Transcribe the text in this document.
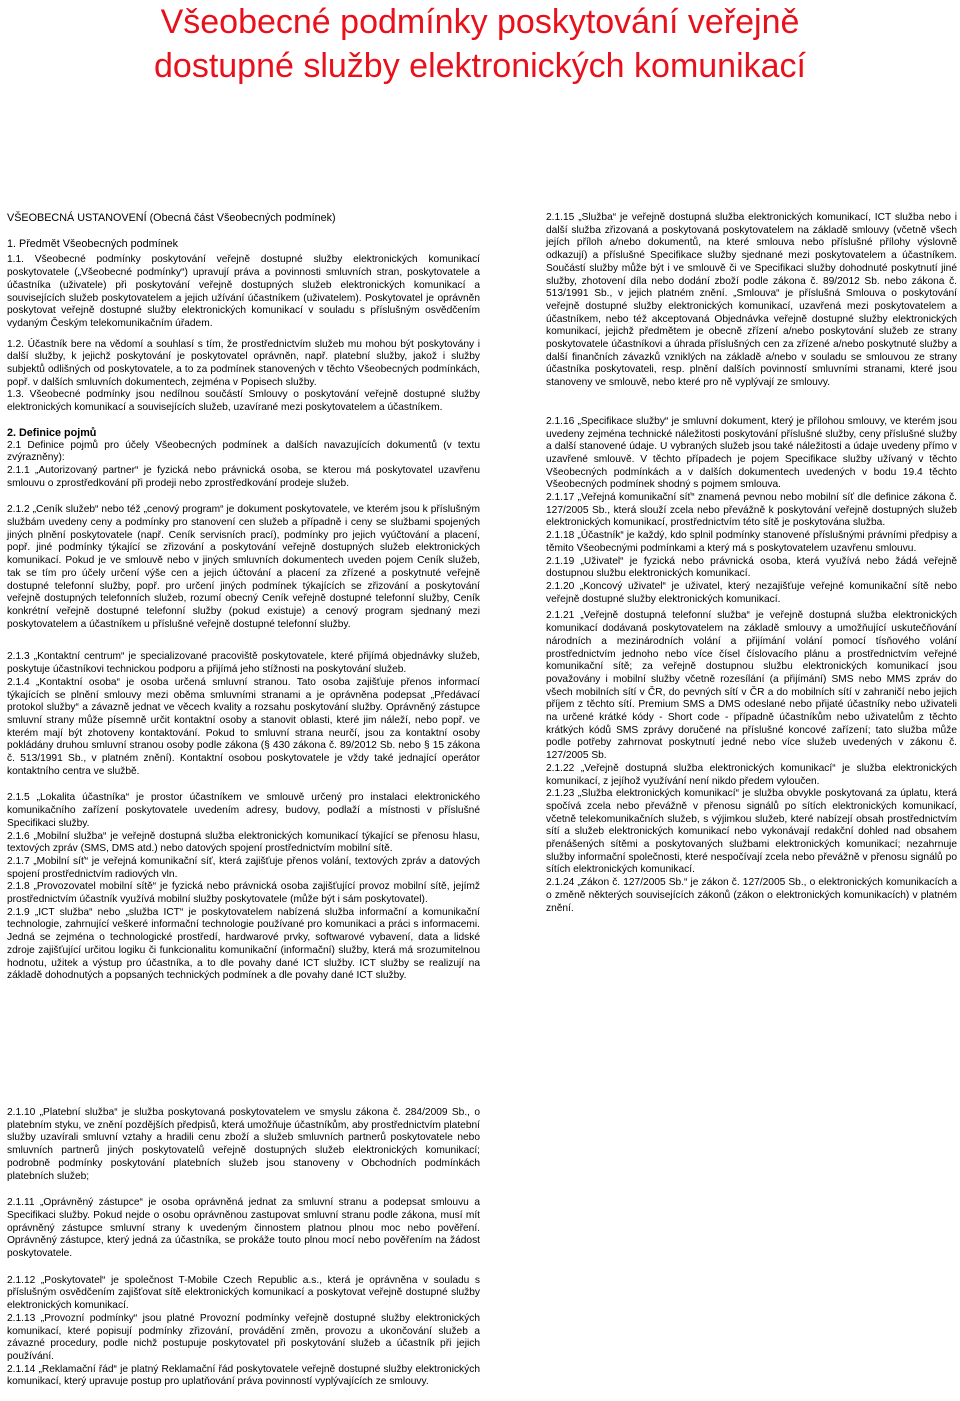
Všeobecné podmínky poskytování veřejně
dostupné služby elektronických komunikací
VŠEOBECNÁ USTANOVENÍ (Obecná část Všeobecných podmínek)
1. Předmět Všeobecných podmínek

1.1. Všeobecné podmínky poskytování veřejně dostupné služby elektronických komunikací poskytovatele („Všeobecné podmínky“) upravují práva a povinnosti smluvních stran, poskytovatele a účastníka (uživatele) při poskytování veřejně dostupných služeb elektronických komunikací a souvisejících služeb poskytovatelem a jejich užívání účastníkem (uživatelem). Poskytovatel je oprávněn poskytovat veřejně dostupné služby elektronických komunikací v souladu s příslušným osvědčením vydaným Českým telekomunikačním úřadem.

1.2. Účastník bere na vědomí a souhlasí s tím, že prostřednictvím služeb mu mohou být poskytovány i další služby, k jejichž poskytování je poskytovatel oprávněn, např. platební služby, jakož i služby subjektů odlišných od poskytovatele, a to za podmínek stanovených v těchto Všeobecných podmínkách, popř. v dalších smluvních dokumentech, zejména v Popisech služby.

1.3. Všeobecné podmínky jsou nedílnou součástí Smlouvy o poskytování veřejně dostupné služby elektronických komunikací a souvisejících služeb, uzavírané mezi poskytovatelem a účastníkem.

2. Definice pojmů

2.1 Definice pojmů pro účely Všeobecných podmínek a dalších navazujících dokumentů (v textu zvýrazněny):

2.1.1 „Autorizovaný partner“ je fyzická nebo právnická osoba, se kterou má poskytovatel uzavřenu smlouvu o zprostředkování při prodeji nebo zprostředkování prodeje služeb.

2.1.2 „Ceník služeb“ nebo též „cenový program“ je dokument poskytovatele, ve kterém jsou k příslušným službám uvedeny ceny a podmínky pro stanovení cen služeb a případně i ceny se službami spojených jiných plnění poskytovatele (např. Ceník servisních prací), podmínky pro jejich vyúčtování a placení, popř. jiné podmínky týkající se zřizování a poskytování veřejně dostupných služeb elektronických komunikací. Pokud je ve smlouvě nebo v jiných smluvních dokumentech uveden pojem Ceník služeb, tak se tím pro účely určení výše cen a jejich účtování a placení za zřízené a poskytnuté veřejně dostupné telefonní služby, popř. pro určení jiných podmínek týkajících se zřizování a poskytování veřejně dostupných telefonních služeb, rozumí obecný Ceník veřejně dostupné telefonní služby, Ceník konkrétní veřejně dostupné telefonní služby (pokud existuje) a cenový program sjednaný mezi poskytovatelem a účastníkem u příslušné veřejně dostupné telefonní služby.

2.1.3 „Kontaktní centrum“ je specializované pracoviště poskytovatele, které přijímá objednávky služeb, poskytuje účastníkovi technickou podporu a přijímá jeho stížnosti na poskytování služeb.

2.1.4 „Kontaktní osoba“ je osoba určená smluvní stranou. Tato osoba zajišťuje přenos informací týkajících se plnění smlouvy mezi oběma smluvními stranami a je oprávněna podepsat „Předávací protokol služby“ a závazně jednat ve věcech kvality a rozsahu poskytování služby. Oprávněný zástupce smluvní strany může písemně určit kontaktní osoby a stanovit oblasti, které jim náleží, nebo popř. ve kterém mají být zhotoveny kontaktování. Pokud to smluvní strana neurčí, jsou za kontaktní osoby pokládány druhou smluvní stranou osoby podle zákona (§ 430 zákona č. 89/2012 Sb. nebo § 15 zákona č. 513/1991 Sb., v platném znění). Kontaktní osobou poskytovatele je vždy také jednající operátor kontaktního centra ve službě.

2.1.5 „Lokalita účastníka“ je prostor účastníkem ve smlouvě určený pro instalaci elektronického komunikačního zařízení poskytovatele uvedením adresy, budovy, podlaží a místnosti v příslušné Specifikaci služby.

2.1.6 „Mobilní služba“ je veřejně dostupná služba elektronických komunikací týkající se přenosu hlasu, textových zpráv (SMS, DMS atd.) nebo datových spojení prostřednictvím mobilní sítě.

2.1.7 „Mobilní síť“ je veřejná komunikační síť, která zajišťuje přenos volání, textových zpráv a datových spojení prostřednictvím radiových vln.

2.1.8 „Provozovatel mobilní sítě“ je fyzická nebo právnická osoba zajišťující provoz mobilní sítě, jejímž prostřednictvím účastník využívá mobilní služby poskytovatele (může být i sám poskytovatel).

2.1.9 „ICT služba“ nebo „služba ICT“ je poskytovatelem nabízená služba informační a komunikační technologie, zahrnující veškeré informační technologie používané pro komunikaci a práci s informacemi. Jedná se zejména o technologické prostředí, hardwarové prvky, softwarové vybavení, data a lidské zdroje zajišťující určitou logiku či funkcionalitu komunikační (informační) služby, která má srozumitelnou hodnotu, užitek a výstup pro účastníka, a to dle povahy dané ICT služby. ICT služby se realizují na základě dohodnutých a popsaných technických podmínek a dle povahy dané ICT služby.

2.1.10 „Platební služba“ je služba poskytovaná poskytovatelem ve smyslu zákona č. 284/2009 Sb., o platebním styku, ve znění pozdějších předpisů, která umožňuje účastníkům, aby prostřednictvím platební služby uzavírali smluvní vztahy a hradili cenu zboží a služeb smluvních partnerů poskytovatele nebo smluvních partnerů jiných poskytovatelů veřejně dostupných služeb elektronických komunikací; podrobně podmínky poskytování platebních služeb jsou stanoveny v Obchodních podmínkách platebních služeb;

2.1.11 „Oprávněný zástupce“ je osoba oprávněná jednat za smluvní stranu a podepsat smlouvu a Specifikaci služby. Pokud nejde o osobu oprávněnou zastupovat smluvní stranu podle zákona, musí mít oprávněný zástupce smluvní strany k uvedeným činnostem platnou plnou moc nebo pověření. Oprávněný zástupce, který jedná za účastníka, se prokáže touto plnou mocí nebo pověřením na žádost poskytovatele.

2.1.12 „Poskytovatel“ je společnost T-Mobile Czech Republic a.s., která je oprávněna v souladu s příslušným osvědčením zajišťovat sítě elektronických komunikací a poskytovat veřejně dostupné služby elektronických komunikací.

2.1.13 „Provozní podmínky“ jsou platné Provozní podmínky veřejně dostupné služby elektronických komunikací, které popisují podmínky zřizování, provádění změn, provozu a ukončování služeb a závazné procedury, podle nichž postupuje poskytovatel při poskytování služeb a účastník při jejich používání.

2.1.14 „Reklamační řád“ je platný Reklamační řád poskytovatele veřejně dostupné služby elektronických komunikací, který upravuje postup pro uplatňování práva povinností vyplývajících ze smlouvy.

2.1.15 „Služba“ je veřejně dostupná služba elektronických komunikací, ICT služba nebo i další služba zřizovaná a poskytovaná poskytovatelem na základě smlouvy (včetně všech jejích příloh a/nebo dokumentů, na které smlouva nebo příslušné přílohy výslovně odkazují) a příslušné Specifikace služby sjednané mezi poskytovatelem a účastníkem. Součástí služby může být i ve smlouvě či ve Specifikaci služby dohodnuté poskytnutí jiné služby, zhotovení díla nebo dodání zboží podle zákona č. 89/2012 Sb. nebo zákona č. 513/1991 Sb., v jejich platném znění. „Smlouva“ je příslušná Smlouva o poskytování veřejně dostupné služby elektronických komunikací, uzavřená mezi poskytovatelem a účastníkem, nebo též akceptovaná Objednávka veřejně dostupné služby elektronických komunikací, jejichž předmětem je obecně zřízení a/nebo poskytování služeb ze strany poskytovatele účastníkovi a úhrada příslušných cen za zřízené a/nebo poskytnuté služby a další finančních závazků vzniklých na základě a/nebo v souladu se smlouvou ze strany účastníka poskytovateli, resp. plnění dalších povinností smluvními stranami, které jsou stanoveny ve smlouvě, nebo které pro ně vyplývají ze smlouvy.

2.1.16 „Specifikace služby“ je smluvní dokument, který je přílohou smlouvy, ve kterém jsou uvedeny zejména technické náležitosti poskytování příslušné služby, ceny příslušné služby a další stanovené údaje. U vybraných služeb jsou také náležitosti a údaje uvedeny přímo v uzavřené smlouvě. V těchto případech je pojem Specifikace služby užívaný v těchto Všeobecných podmínkách a v dalších dokumentech uvedených v bodu 19.4 těchto Všeobecných podmínek shodný s pojmem smlouva.

2.1.17 „Veřejná komunikační síť“ znamená pevnou nebo mobilní síť dle definice zákona č. 127/2005 Sb., která slouží zcela nebo převážně k poskytování veřejně dostupných služeb elektronických komunikací, prostřednictvím této sítě je poskytována služba.

2.1.18 „Účastník“ je každý, kdo splnil podmínky stanovené příslušnými právními předpisy a těmito Všeobecnými podmínkami a který má s poskytovatelem uzavřenu smlouvu.

2.1.19 „Uživatel“ je fyzická nebo právnická osoba, která využívá nebo žádá veřejně dostupnou službu elektronických komunikací.

2.1.20 „Koncový uživatel“ je uživatel, který nezajišťuje veřejné komunikační sítě nebo veřejně dostupné služby elektronických komunikací.

2.1.21 „Veřejně dostupná telefonní služba“ je veřejně dostupná služba elektronických komunikací dodávaná poskytovatelem na základě smlouvy a umožňující uskutečňování národních a mezinárodních volání a přijímání volání pomocí tísňového volání prostřednictvím jednoho nebo více čísel číslovacího plánu a prostřednictvím veřejné komunikační sítě; za veřejně dostupnou službu elektronických komunikací jsou považovány i mobilní služby včetně rozesílání (a přijímání) SMS nebo MMS zpráv do všech mobilních sítí v ČR, do pevných sítí v ČR a do mobilních sítí v zahraničí nebo jejich příjem z těchto sítí. Premium SMS a DMS odeslané nebo přijaté účastníky nebo uživateli na určené krátké kódy - Short code - případně účastníkům nebo uživatelům z těchto krátkých kódů SMS zprávy doručené na příslušné koncové zařízení; tato služba může podle potřeby zahrnovat poskytnutí jedné nebo více služeb uvedených v zákonu č. 127/2005 Sb.

2.1.22 „Veřejně dostupná služba elektronických komunikací“ je služba elektronických komunikací, z jejíhož využívání není nikdo předem vyloučen.

2.1.23 „Služba elektronických komunikací“ je služba obvykle poskytovaná za úplatu, která spočívá zcela nebo převážně v přenosu signálů po sítích elektronických komunikací, včetně telekomunikačních služeb, s výjimkou služeb, které nabízejí obsah prostřednictvím sítí a služeb elektronických komunikací nebo vykonávají redakční dohled nad obsahem přenášených sítěmi a poskytovaných službami elektronických komunikací; nezahrnuje služby informační společnosti, které nespočívají zcela nebo převážně v přenosu signálů po sítích elektronických komunikací.

2.1.24 „Zákon č. 127/2005 Sb.“ je zákon č. 127/2005 Sb., o elektronických komunikacích a o změně některých souvisejících zákonů (zákon o elektronických komunikacích) v platném znění.
